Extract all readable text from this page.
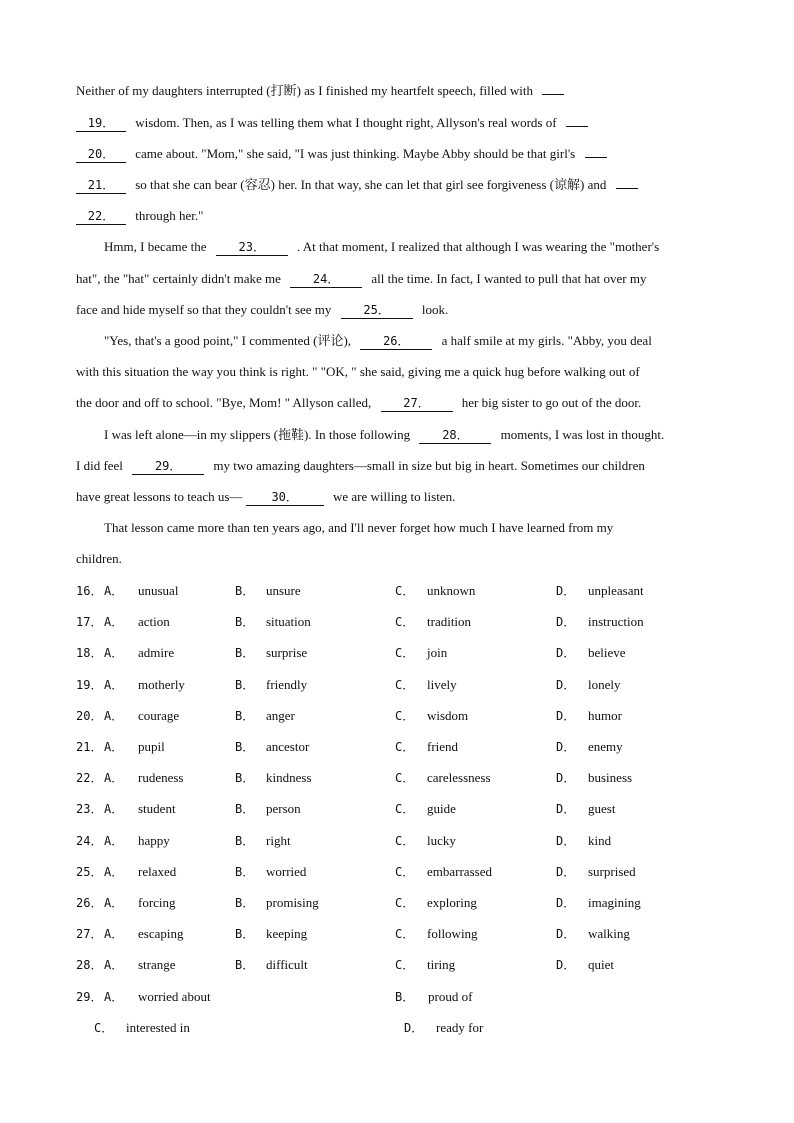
Neither of my daughters interrupted (打断) as I finished my heartfelt speech, filled with
19． wisdom. Then, as I was telling them what I thought right, Allyson's real words of
20． came about. "Mom," she said, "I was just thinking. Maybe Abby should be that girl's
21． so that she can bear (容忍) her. In that way, she can let that girl see forgiveness (谅解) and
22． through her."
Hmm, I became the	23． . At that moment, I realized that although I was wearing the "mother's
hat", the "hat" certainly didn't make me	24． all the time. In fact, I wanted to pull that hat over my
face and hide myself so that they couldn't see my	25． look.
"Yes, that's a good point," I commented (评论),	26． a half smile at my girls. "Abby, you deal
with this situation the way you think is right. " "OK, " she said, giving me a quick hug before walking out of
the door and off to school. "Bye, Mom! " Allyson called,	27． her big sister to go out of the door.
I was left alone—in my slippers (拖鞋). In those following	28． moments, I was lost in thought.
I did feel	29． my two amazing daughters—small in size but big in heart. Sometimes our children
have great lessons to teach us— 30．	we are willing to listen.
That lesson came more than ten years ago, and I'll never forget how much I have learned from my
children.
16． A． unusual	B． unsure	C． unknown	D． unpleasant
17． A． action	B． situation	C． tradition	D． instruction
18． A． admire	B． surprise	C． join	D． believe
19． A． motherly	B． friendly	C． lively	D． lonely
20． A． courage	B． anger	C． wisdom	D． humor
21． A． pupil	B． ancestor	C． friend	D． enemy
22． A． rudeness	B． kindness	C． carelessness	D． business
23． A． student	B． person	C． guide	D． guest
24． A． happy	B． right	C． lucky	D． kind
25． A． relaxed	B． worried	C． embarrassed	D． surprised
26． A． forcing	B． promising	C． exploring	D． imagining
27． A． escaping	B． keeping	C． following	D． walking
28． A． strange	B． difficult	C． tiring	D． quiet
29． A． worried about	B． proud of
C． interested in	D． ready for
